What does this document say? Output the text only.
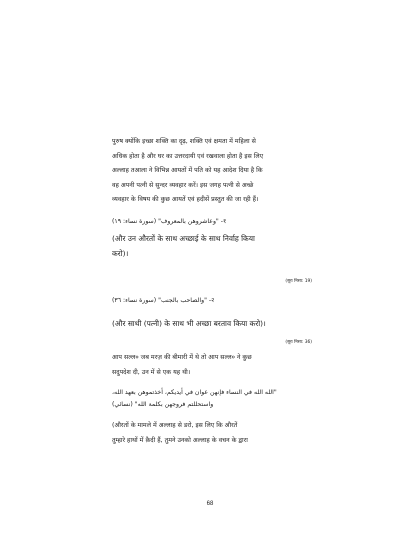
पुरुष क्योंकि इच्छा शक्ति का दृढ़, शक्ति एवं क्षमता में महिला से
अधिक होता है और घर का उत्तरदायी एवं रखवाला होता है इस लिए
अल्लाह तआला ने विभिन्न आयतों में पति को यह आदेश दिया है कि
वह अपनी पत्नी से सुन्दर व्यवहार करें। इस जगह पत्नी से अच्छे
व्यवहार के विषय की कुछ आयतें एवं हदीसें प्रस्तुत की जा रही हैं।
१- "وعاشروهن بالمعروف" (سورة نساء: ١٩)
(और उन औरतों के साथ अच्छाई के साथ निर्वाह किया
करो)।
(सूरः निसा: 19)
२- "والصاحب بالجنب" (سورة نساء: ٣٦)
(और साथी (पत्नी) के साथ भी अच्छा बरताव किया करो)।
(सूरः निसा: 36)
आप सल्ल० जब मरज़ की बीमारी में थे तो आप सल्ल० ने कुछ
सदुपदेश दी, उन में से एक यह थी।
"الله الله في النساء فإنهن عوان في أيديكم، أخذتموهن بعهد الله،
واستحللتم فروجهن بكلمة الله" (نسائي)
(औरतों के मामले में अल्लाह से डरो, इस लिए कि औरतें
तुम्हारे हाथों में क़ैदी हैं, तुमने उनको अल्लाह के वचन के द्वारा
68
